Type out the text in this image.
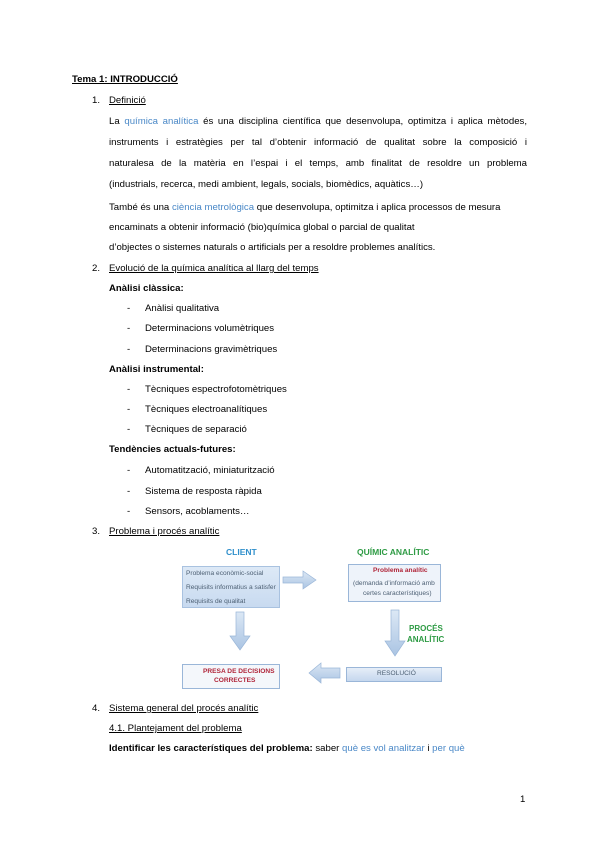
Tema 1: INTRODUCCIÓ
1. Definició
La química analítica és una disciplina científica que desenvolupa, optimitza i aplica mètodes,
instruments i estratègies per tal d’obtenir informació de qualitat sobre la composició i
naturalesa de la matèria en l’espai i el temps, amb finalitat de resoldre un problema
(industrials, recerca, medi ambient, legals, socials, biomèdics, aquàtics…)
També és una ciència metrològica que desenvolupa, optimitza i aplica processos de mesura
encaminats a obtenir informació (bio)química global o parcial de qualitat
d’objectes o sistemes naturals o artificials per a resoldre problemes analítics.
2. Evolució de la química analítica al llarg del temps
Anàlisi clàssica:
- Anàlisi qualitativa
- Determinacions volumètriques
- Determinacions gravimètriques
Anàlisi instrumental:
- Tècniques espectrofotomètriques
- Tècniques electroanalítiques
- Tècniques de separació
Tendències actuals-futures:
- Automatització, miniaturització
- Sistema de resposta ràpida
- Sensors, acoblaments…
3. Problema i procés analític
CLIENT	QUÍMIC ANALÍTIC
Problema econòmic-social
Requisits informatius a satisfer
Requisits de qualitat
Problema analític
(demanda d’informació amb
certes característiques)
PROCÉS
ANALÍTIC
RESOLUCIÓ
PRESA DE DECISIONS
CORRECTES
4. Sistema general del procés analític
4.1. Plantejament del problema
Identificar les característiques del problema: saber què es vol analitzar i per què
1
